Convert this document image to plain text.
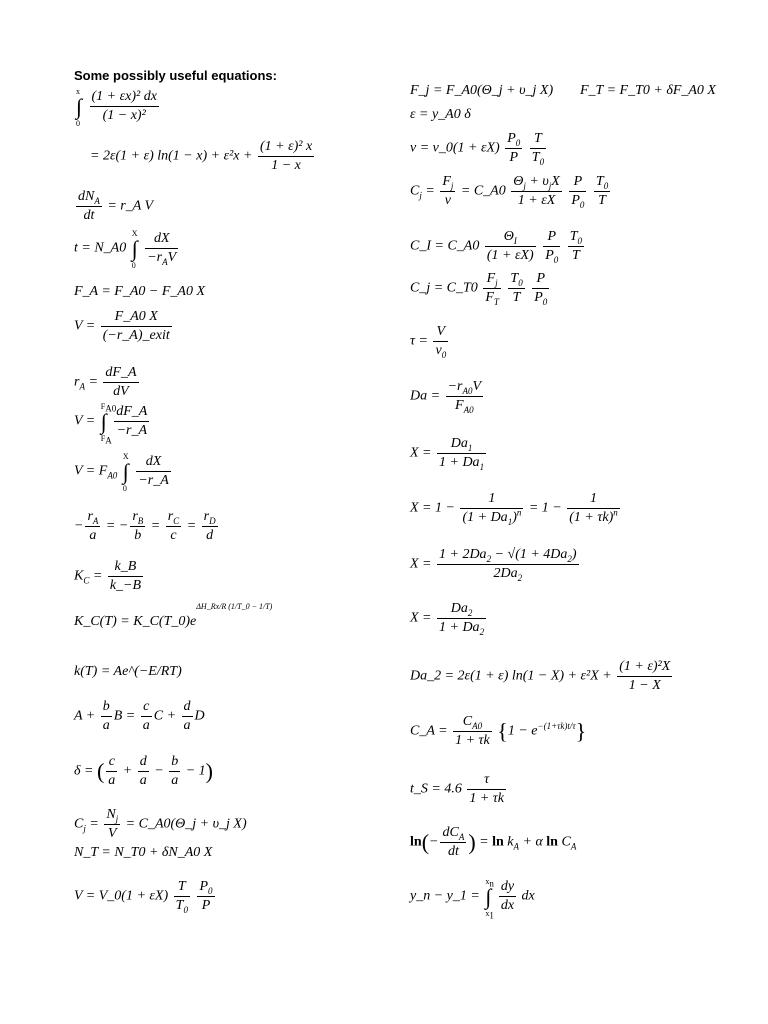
Some possibly useful equations:
∫
x
0
$\frac{\text{(1 + εx)² dx}}{\text{(1 − x)²}}$
= 2ε(1 + ε) $\ln(1 - x) + \varepsilon^2x + \frac{\text{(1 + ε)² x}}{1 - x}$
$\frac{dN_A}{dt}$ = r_A V
t = N_A0 ∫
X
0
$\frac{dX}{-r_AV}$
F_A = F_A0 − F_A0 X
$V = \frac{F\_A0 X}{\text{(−r\_A)\_exit}}$
$r_A = \frac{dF\_A}{dV}$
V = ∫
$F_{A0}$
$F_A$

$\frac{dF\_A}{-r\_A}$
$V = F_{A0}$ ∫
X
0
$\frac{dX}{-r\_A}$
− $\frac{r_A}{a}$ = − $\frac{r_B}{b} = \frac{r_C}{c} = \frac{r_D}{d}$
$K_C = \frac{k\_B}{k\_-B}$
K_C(T) = $K\_C(T\_0)e^{\Delta H\_Rx/R (1/T\_0 - 1/T)}$
k(T) = Ae^(−E/RT)
$A + \frac{b}{a}$ $B = \frac{c}{a}$ $C + \frac{d}{a}$ D
δ = ( $\frac{c}{a} + \frac{d}{a} - \frac{b}{a} - 1$)
$C_j = \frac{N_j}{V}$ = C_A0(Θ_j + υ_j X)
N_T = N_T0 + δN_A0 X
V = V_0(1 + $\varepsilon X) \frac{T}{T_0}$
$\frac{P_0}{P}$
F_j = F_A0(Θ_j + υ_j X) F_T = F_T0 + δF_A0 X
ε = y_A0 δ
ν = ν_0(1 + $\varepsilon X) \frac{P_0}{P}$
$\frac{T}{T_0}$
$C_j = \frac{F_j}{\nu}$ = C_A0 $\frac{\Theta_j + \upsilon_jX}{1 + \varepsilon X}$
$\frac{P}{P_0}$
$\frac{T_0}{T}$
C_I = C_A0 $\frac{\Theta_I}{(1 + \varepsilon X)}$
$\frac{P}{P_0}$
$\frac{T_0}{T}$
C_j = C_T0 $\frac{F_j}{F_T}$
$\frac{T_0}{T}$
$\frac{P}{P_0}$
$\tau = \frac{V}{\nu_0}$
$Da = \frac{-r_{A0}V}{F_{A0}}$
$X = \frac{Da_1}{1 + Da_1}$
$X = 1 - \frac{1}{(1 + Da_1)^n} = 1 - \frac{1}{(1 + \tau k)^n}$
$X = \frac{1 + 2Da_2 - √(1 + 4Da_2)}{2Da_2}$
$X = \frac{Da_2}{1 + Da_2}$
Da_2 = 2ε(1 + ε) $\ln(1 - X) + \varepsilon^2X + \frac{\text{(1 + ε)²X}}{1 - X}$
C_A = $\frac{C_{A0}}{1 + \tau k} \{1 - e^{-(1+\tau k)t/\tau}\}$
t_S = $4.6 \frac{\tau}{1 + \tau k}$
$\ln(- \frac{dC_A}{dt}$ ) = $\ln k_A + \alpha$ $\ln C_A$
y_n − y_1 = ∫
$x_n$
$x_1$

$\frac{dy}{dx}$ dx
